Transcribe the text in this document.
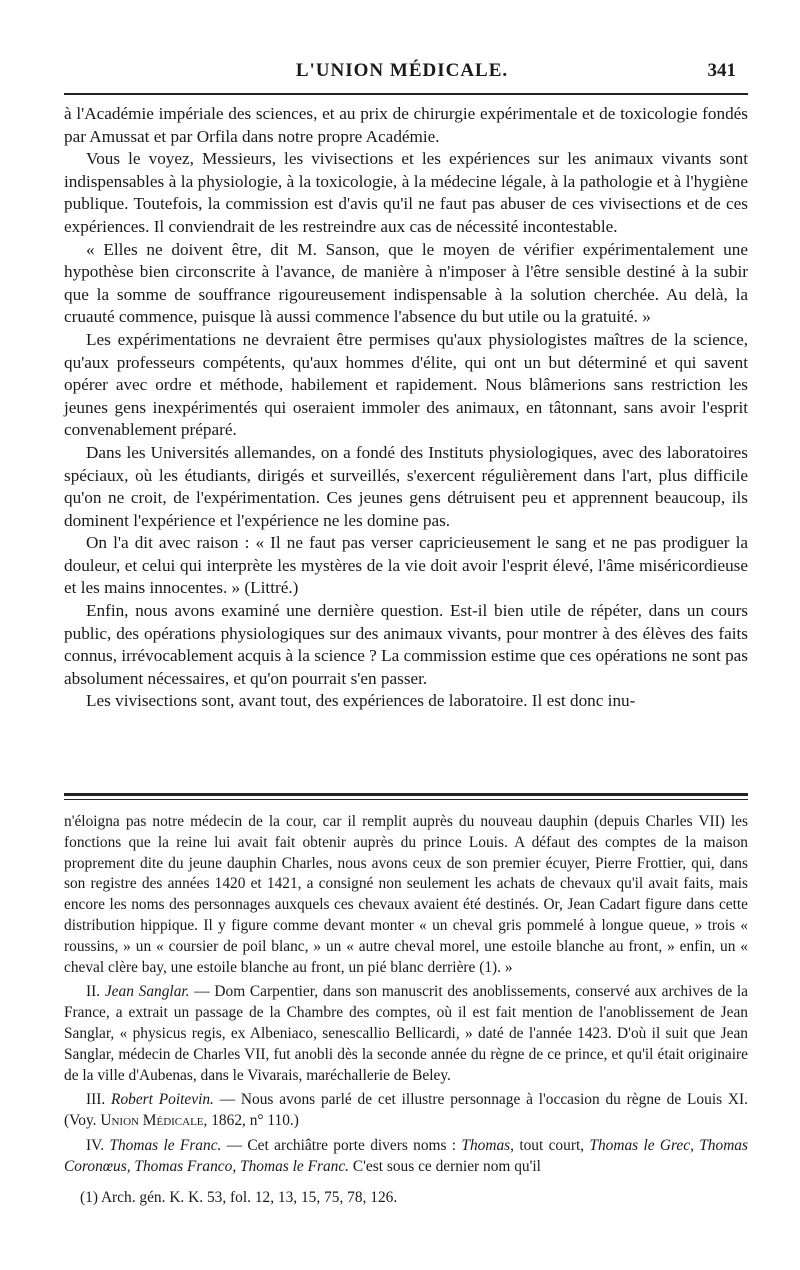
L'UNION MÉDICALE.	341

à l'Académie impériale des sciences, et au prix de chirurgie expérimentale et de toxicologie fondés par Amussat et par Orfila dans notre propre Académie.

Vous le voyez, Messieurs, les vivisections et les expériences sur les animaux vivants sont indispensables à la physiologie, à la toxicologie, à la médecine légale, à la pathologie et à l'hygiène publique. Toutefois, la commission est d'avis qu'il ne faut pas abuser de ces vivisections et de ces expériences. Il conviendrait de les restreindre aux cas de nécessité incontestable.

« Elles ne doivent être, dit M. Sanson, que le moyen de vérifier expérimentalement une hypothèse bien circonscrite à l'avance, de manière à n'imposer à l'être sensible destiné à la subir que la somme de souffrance rigoureusement indispensable à la solution cherchée. Au delà, la cruauté commence, puisque là aussi commence l'absence du but utile ou la gratuité. »

Les expérimentations ne devraient être permises qu'aux physiologistes maîtres de la science, qu'aux professeurs compétents, qu'aux hommes d'élite, qui ont un but déterminé et qui savent opérer avec ordre et méthode, habilement et rapidement. Nous blâmerions sans restriction les jeunes gens inexpérimentés qui oseraient immoler des animaux, en tâtonnant, sans avoir l'esprit convenablement préparé.

Dans les Universités allemandes, on a fondé des Instituts physiologiques, avec des laboratoires spéciaux, où les étudiants, dirigés et surveillés, s'exercent régulièrement dans l'art, plus difficile qu'on ne croit, de l'expérimentation. Ces jeunes gens détruisent peu et apprennent beaucoup, ils dominent l'expérience et l'expérience ne les domine pas.

On l'a dit avec raison : « Il ne faut pas verser capricieusement le sang et ne pas prodiguer la douleur, et celui qui interprète les mystères de la vie doit avoir l'esprit élevé, l'âme miséricordieuse et les mains innocentes. » (Littré.)

Enfin, nous avons examiné une dernière question. Est-il bien utile de répéter, dans un cours public, des opérations physiologiques sur des animaux vivants, pour montrer à des élèves des faits connus, irrévocablement acquis à la science ? La commission estime que ces opérations ne sont pas absolument nécessaires, et qu'on pourrait s'en passer.

Les vivisections sont, avant tout, des expériences de laboratoire. Il est donc inu-

n'éloigna pas notre médecin de la cour, car il remplit auprès du nouveau dauphin (depuis Charles VII) les fonctions que la reine lui avait fait obtenir auprès du prince Louis. A défaut des comptes de la maison proprement dite du jeune dauphin Charles, nous avons ceux de son premier écuyer, Pierre Frottier, qui, dans son registre des années 1420 et 1421, a consigné non seulement les achats de chevaux qu'il avait faits, mais encore les noms des personnages auxquels ces chevaux avaient été destinés. Or, Jean Cadart figure dans cette distribution hippique. Il y figure comme devant monter « un cheval gris pommelé à longue queue, » trois « roussins, » un « coursier de poil blanc, » un « autre cheval morel, une estoile blanche au front, » enfin, un « cheval clère bay, une estoile blanche au front, un pié blanc derrière (1). »

II. Jean Sanglar. — Dom Carpentier, dans son manuscrit des anoblissements, conservé aux archives de la France, a extrait un passage de la Chambre des comptes, où il est fait mention de l'anoblissement de Jean Sanglar, « physicus regis, ex Albeniaco, senescallio Bellicardi, » daté de l'année 1423. D'où il suit que Jean Sanglar, médecin de Charles VII, fut anobli dès la seconde année du règne de ce prince, et qu'il était originaire de la ville d'Aubenas, dans le Vivarais, maréchallerie de Beley.

III. Robert Poitevin. — Nous avons parlé de cet illustre personnage à l'occasion du règne de Louis XI. (Voy. Union Médicale, 1862, n° 110.)

IV. Thomas le Franc. — Cet archiâtre porte divers noms : Thomas, tout court, Thomas le Grec, Thomas Coronœus, Thomas Franco, Thomas le Franc. C'est sous ce dernier nom qu'il

(1) Arch. gén. K. K. 53, fol. 12, 13, 15, 75, 78, 126.
